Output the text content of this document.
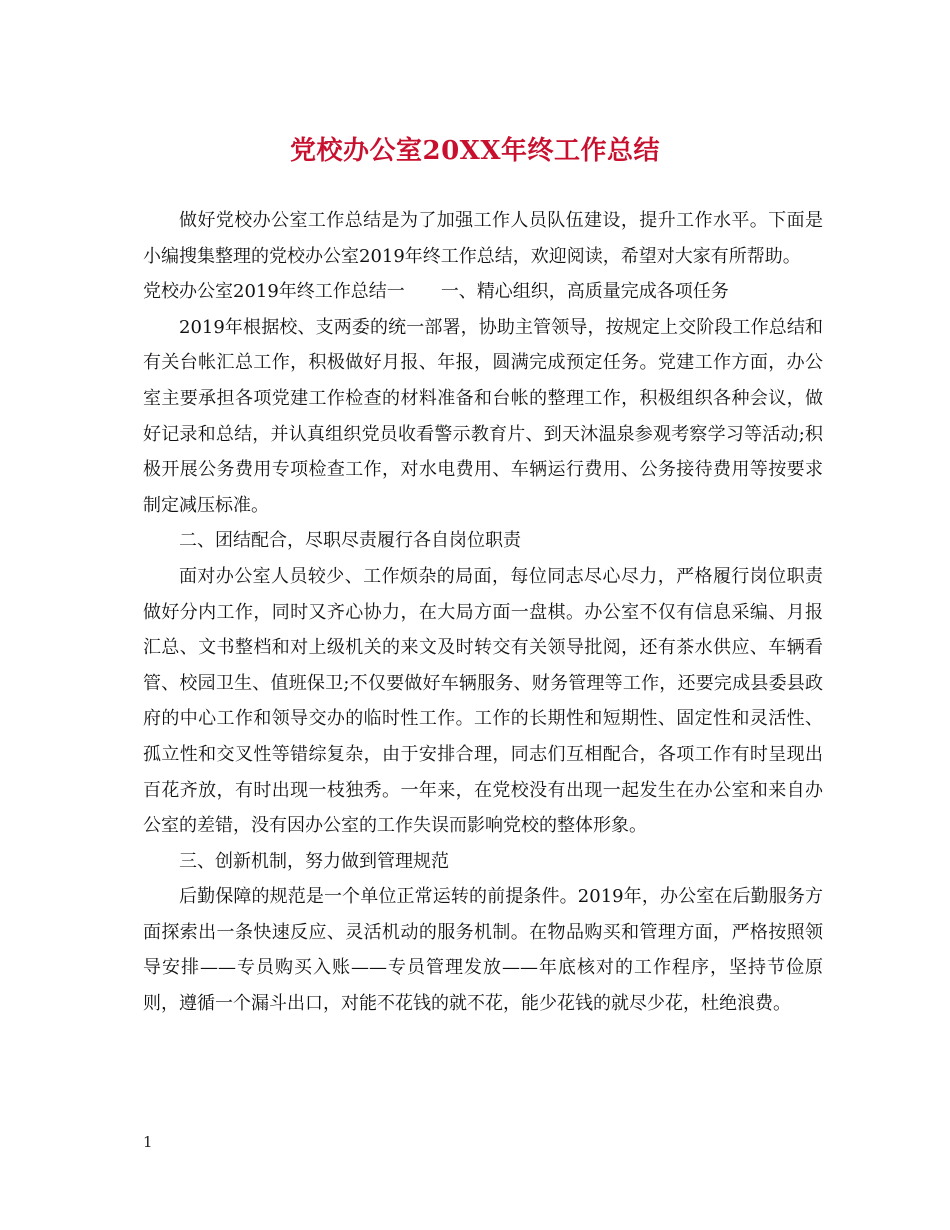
党校办公室20XX年终工作总结

做好党校办公室工作总结是为了加强工作人员队伍建设，提升工作水平。下面是小编搜集整理的党校办公室2019年终工作总结，欢迎阅读，希望对大家有所帮助。

党校办公室2019年终工作总结一 一、精心组织，高质量完成各项任务

2019年根据校、支两委的统一部署，协助主管领导，按规定上交阶段工作总结和有关台帐汇总工作，积极做好月报、年报，圆满完成预定任务。党建工作方面，办公室主要承担各项党建工作检查的材料准备和台帐的整理工作，积极组织各种会议，做好记录和总结，并认真组织党员收看警示教育片、到天沐温泉参观考察学习等活动;积极开展公务费用专项检查工作，对水电费用、车辆运行费用、公务接待费用等按要求制定减压标准。

二、团结配合，尽职尽责履行各自岗位职责

面对办公室人员较少、工作烦杂的局面，每位同志尽心尽力，严格履行岗位职责做好分内工作，同时又齐心协力，在大局方面一盘棋。办公室不仅有信息采编、月报汇总、文书整档和对上级机关的来文及时转交有关领导批阅，还有茶水供应、车辆看管、校园卫生、值班保卫;不仅要做好车辆服务、财务管理等工作，还要完成县委县政府的中心工作和领导交办的临时性工作。工作的长期性和短期性、固定性和灵活性、孤立性和交叉性等错综复杂，由于安排合理，同志们互相配合，各项工作有时呈现出百花齐放，有时出现一枝独秀。一年来，在党校没有出现一起发生在办公室和来自办公室的差错，没有因办公室的工作失误而影响党校的整体形象。

三、创新机制，努力做到管理规范

后勤保障的规范是一个单位正常运转的前提条件。2019年，办公室在后勤服务方面探索出一条快速反应、灵活机动的服务机制。在物品购买和管理方面，严格按照领导安排——专员购买入账——专员管理发放——年底核对的工作程序，坚持节俭原则，遵循一个漏斗出口，对能不花钱的就不花，能少花钱的就尽少花，杜绝浪费。

1
